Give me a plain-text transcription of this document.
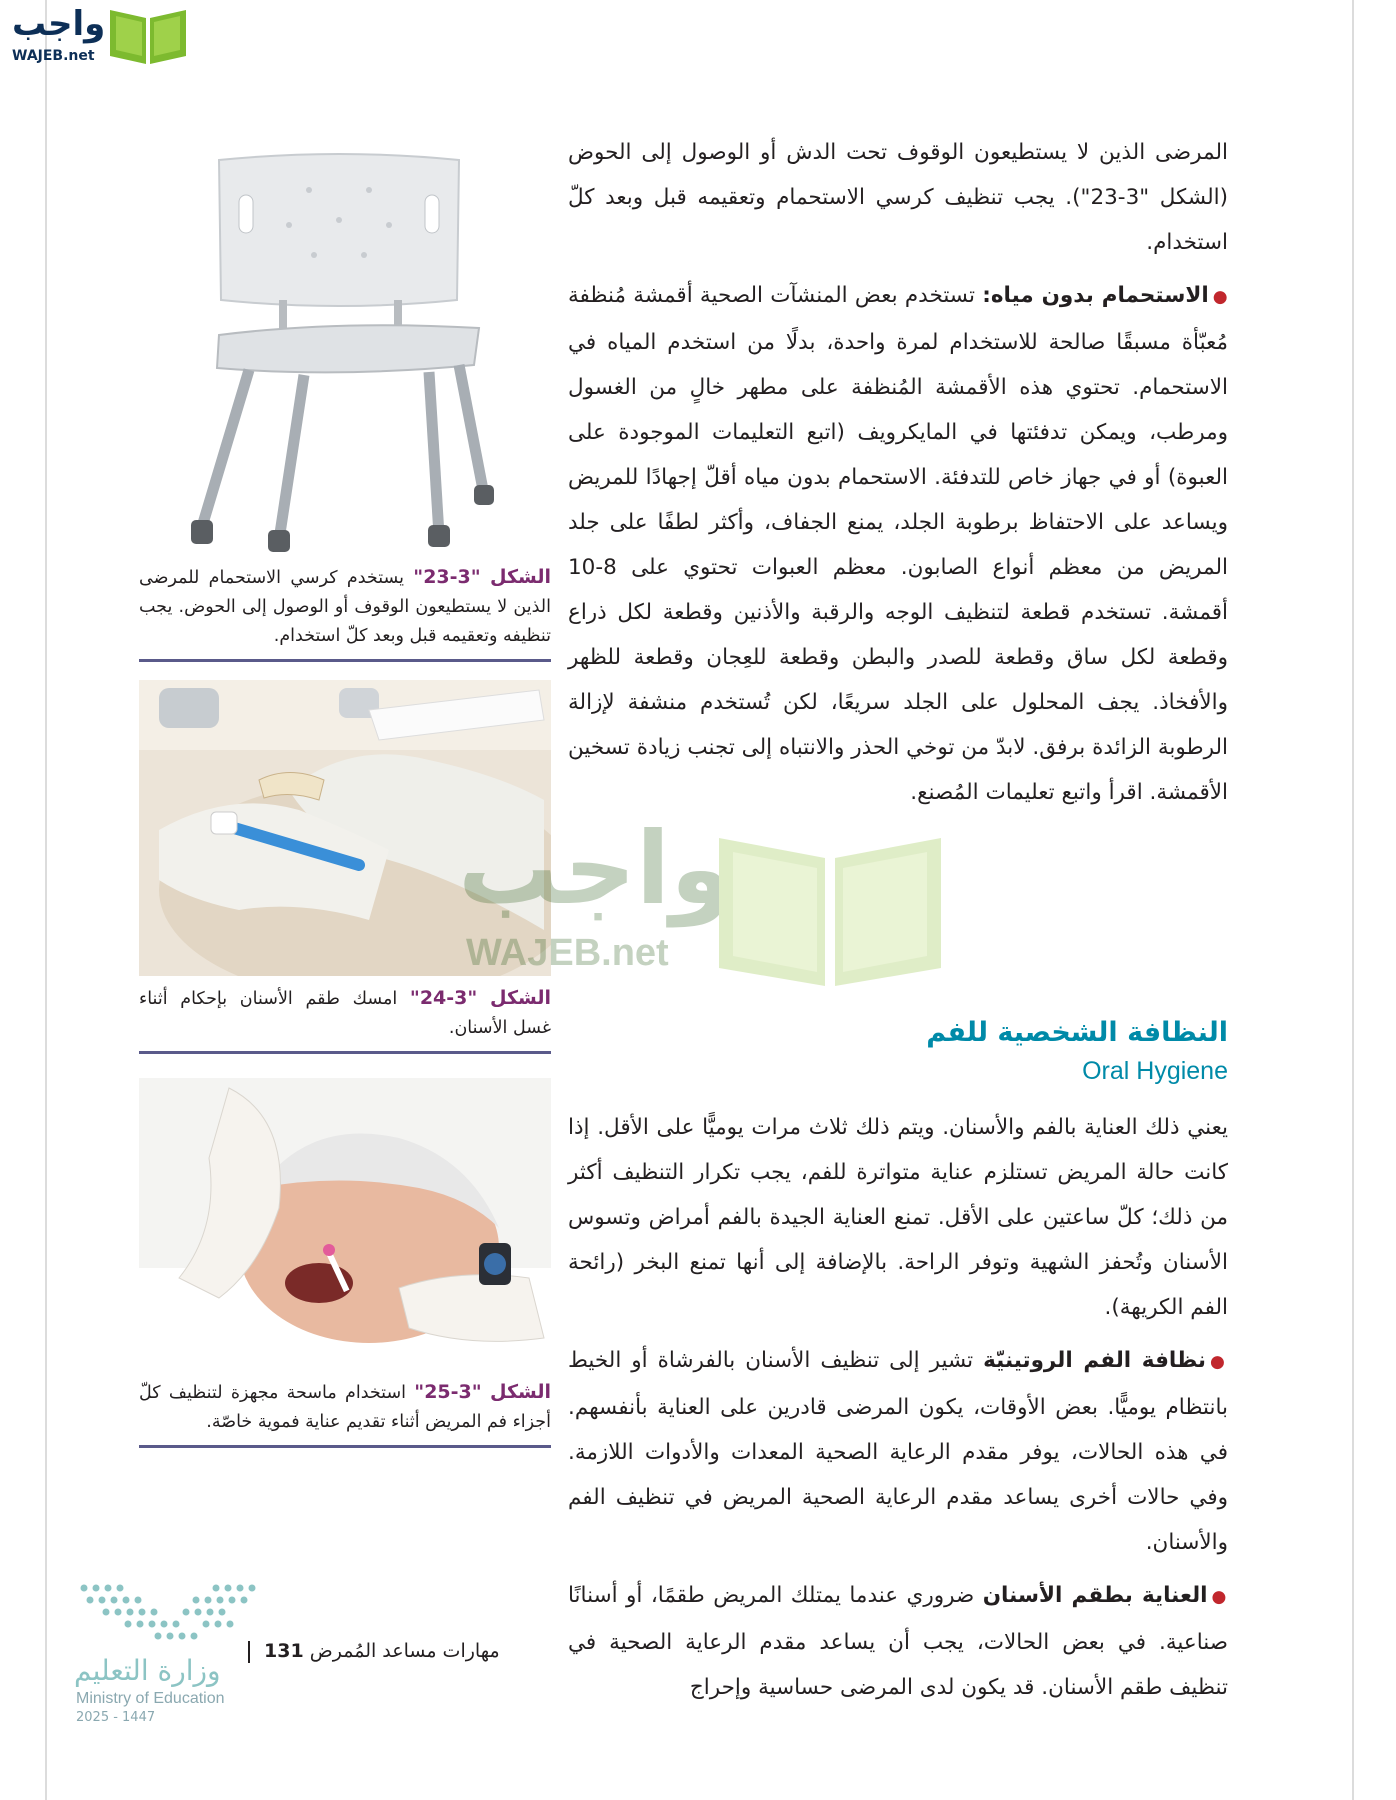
واجب
WAJEB.net

المرضى الذين لا يستطيعون الوقوف تحت الدش أو الوصول إلى الحوض (الشكل "3-23"). يجب تنظيف كرسي الاستحمام وتعقيمه قبل وبعد كلّ استخدام.

●الاستحمام بدون مياه: تستخدم بعض المنشآت الصحية أقمشة مُنظفة مُعبّأة مسبقًا صالحة للاستخدام لمرة واحدة، بدلًا من استخدم المياه في الاستحمام. تحتوي هذه الأقمشة المُنظفة على مطهر خالٍ من الغسول ومرطب، ويمكن تدفئتها في المايكرويف (اتبع التعليمات الموجودة على العبوة) أو في جهاز خاص للتدفئة. الاستحمام بدون مياه أقلّ إجهادًا للمريض ويساعد على الاحتفاظ برطوبة الجلد، يمنع الجفاف، وأكثر لطفًا على جلد المريض من معظم أنواع الصابون. معظم العبوات تحتوي على 8-10 أقمشة. تستخدم قطعة لتنظيف الوجه والرقبة والأذنين وقطعة لكل ذراع وقطعة لكل ساق وقطعة للصدر والبطن وقطعة للعِجان وقطعة للظهر والأفخاذ. يجف المحلول على الجلد سريعًا، لكن تُستخدم منشفة لإزالة الرطوبة الزائدة برفق. لابدّ من توخي الحذر والانتباه إلى تجنب زيادة تسخين الأقمشة. اقرأ واتبع تعليمات المُصنع.

النظافة الشخصية للفم
Oral Hygiene

يعني ذلك العناية بالفم والأسنان. ويتم ذلك ثلاث مرات يوميًّا على الأقل. إذا كانت حالة المريض تستلزم عناية متواترة للفم، يجب تكرار التنظيف أكثر من ذلك؛ كلّ ساعتين على الأقل. تمنع العناية الجيدة بالفم أمراض وتسوس الأسنان وتُحفز الشهية وتوفر الراحة. بالإضافة إلى أنها تمنع البخر (رائحة الفم الكريهة).

●نظافة الفم الروتينيّة تشير إلى تنظيف الأسنان بالفرشاة أو الخيط بانتظام يوميًّا. بعض الأوقات، يكون المرضى قادرين على العناية بأنفسهم. في هذه الحالات، يوفر مقدم الرعاية الصحية المعدات والأدوات اللازمة. وفي حالات أخرى يساعد مقدم الرعاية الصحية المريض في تنظيف الفم والأسنان.

●العناية بطقم الأسنان ضروري عندما يمتلك المريض طقمًا، أو أسنانًا صناعية. في بعض الحالات، يجب أن يساعد مقدم الرعاية الصحية في تنظيف طقم الأسنان. قد يكون لدى المرضى حساسية وإحراج

الشكل "3-23" يستخدم كرسي الاستحمام للمرضى الذين لا يستطيعون الوقوف أو الوصول إلى الحوض. يجب تنظيفه وتعقيمه قبل وبعد كلّ استخدام.
الشكل "3-24" امسك طقم الأسنان بإحكام أثناء غسل الأسنان.
الشكل "3-25" استخدام ماسحة مجهزة لتنظيف كلّ أجزاء فم المريض أثناء تقديم عناية فموية خاصّة.
واجب
WAJEB.net
وزارة التعليم
Ministry of Education
2025 - 1447
مهارات مساعد المُمرض 131
